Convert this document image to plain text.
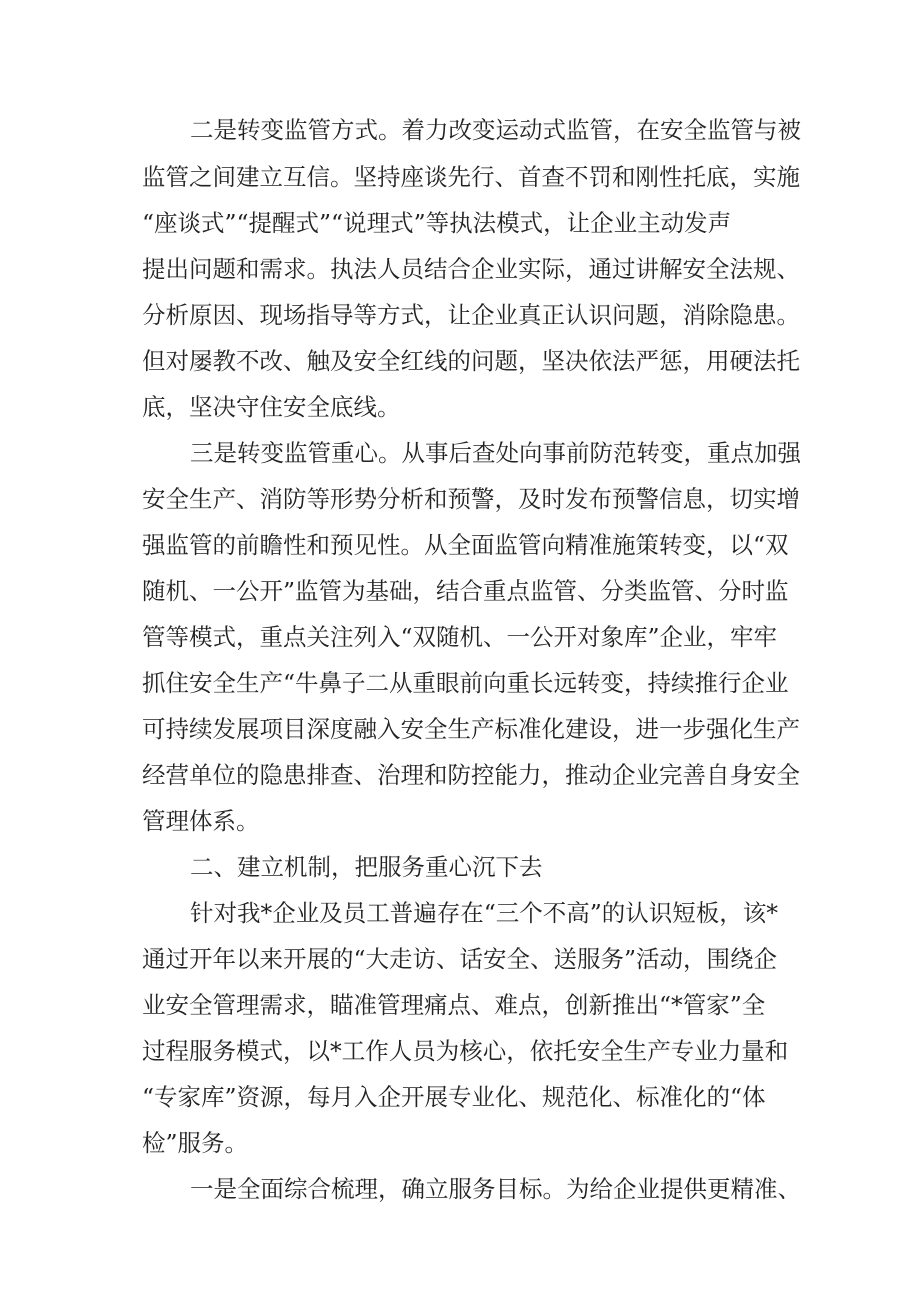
二是转变监管方式。着力改变运动式监管，在安全监管与被
监管之间建立互信。坚持座谈先行、首查不罚和刚性托底，实施
“座谈式”“提醒式”“说理式”等执法模式，让企业主动发声
提出问题和需求。执法人员结合企业实际，通过讲解安全法规、
分析原因、现场指导等方式，让企业真正认识问题，消除隐患。
但对屡教不改、触及安全红线的问题，坚决依法严惩，用硬法托
底，坚决守住安全底线。
三是转变监管重心。从事后查处向事前防范转变，重点加强
安全生产、消防等形势分析和预警，及时发布预警信息，切实增
强监管的前瞻性和预见性。从全面监管向精准施策转变，以“双
随机、一公开”监管为基础，结合重点监管、分类监管、分时监
管等模式，重点关注列入“双随机、一公开对象库”企业，牢牢
抓住安全生产“牛鼻子二从重眼前向重长远转变，持续推行企业
可持续发展项目深度融入安全生产标准化建设，进一步强化生产
经营单位的隐患排查、治理和防控能力，推动企业完善自身安全
管理体系。
二、建立机制，把服务重心沉下去
针对我*企业及员工普遍存在“三个不高”的认识短板，该*
通过开年以来开展的“大走访、话安全、送服务”活动，围绕企
业安全管理需求，瞄准管理痛点、难点，创新推出“*管家”全
过程服务模式，以*工作人员为核心，依托安全生产专业力量和
“专家库”资源，每月入企开展专业化、规范化、标准化的“体
检”服务。
一是全面综合梳理，确立服务目标。为给企业提供更精准、
